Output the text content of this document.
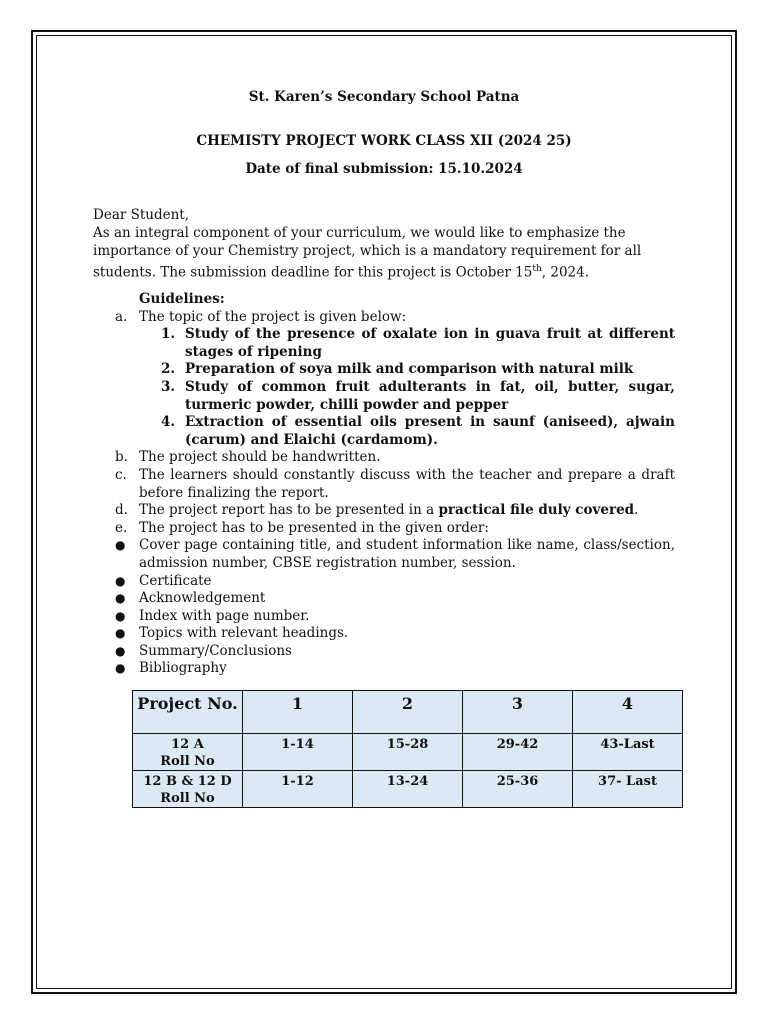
St. Karen’s Secondary School Patna
CHEMISTY PROJECT WORK CLASS XII (2024 25)
Date of final submission: 15.10.2024

Dear Student,

As an integral component of your curriculum, we would like to emphasize the importance of your Chemistry project, which is a mandatory requirement for all students. The submission deadline for this project is October 15th, 2024.

Guidelines:
a. The topic of the project is given below:
1. Study of the presence of oxalate ion in guava fruit at different stages of ripening
2. Preparation of soya milk and comparison with natural milk
3. Study of common fruit adulterants in fat, oil, butter, sugar, turmeric powder, chilli powder and pepper
4. Extraction of essential oils present in saunf (aniseed), ajwain (carum) and Elaichi (cardamom).
b. The project should be handwritten.
c. The learners should constantly discuss with the teacher and prepare a draft before finalizing the report.
d. The project report has to be presented in a practical file duly covered.
e. The project has to be presented in the given order:
● Cover page containing title, and student information like name, class/section, admission number, CBSE registration number, session.
● Certificate
● Acknowledgement
● Index with page number.
● Topics with relevant headings.
● Summary/Conclusions
● Bibliography
Project No.	1	2	3	4
12 A
Roll No	1-14	15-28	29-42	43-Last
12 B & 12 D
Roll No	1-12	13-24	25-36	37- Last
